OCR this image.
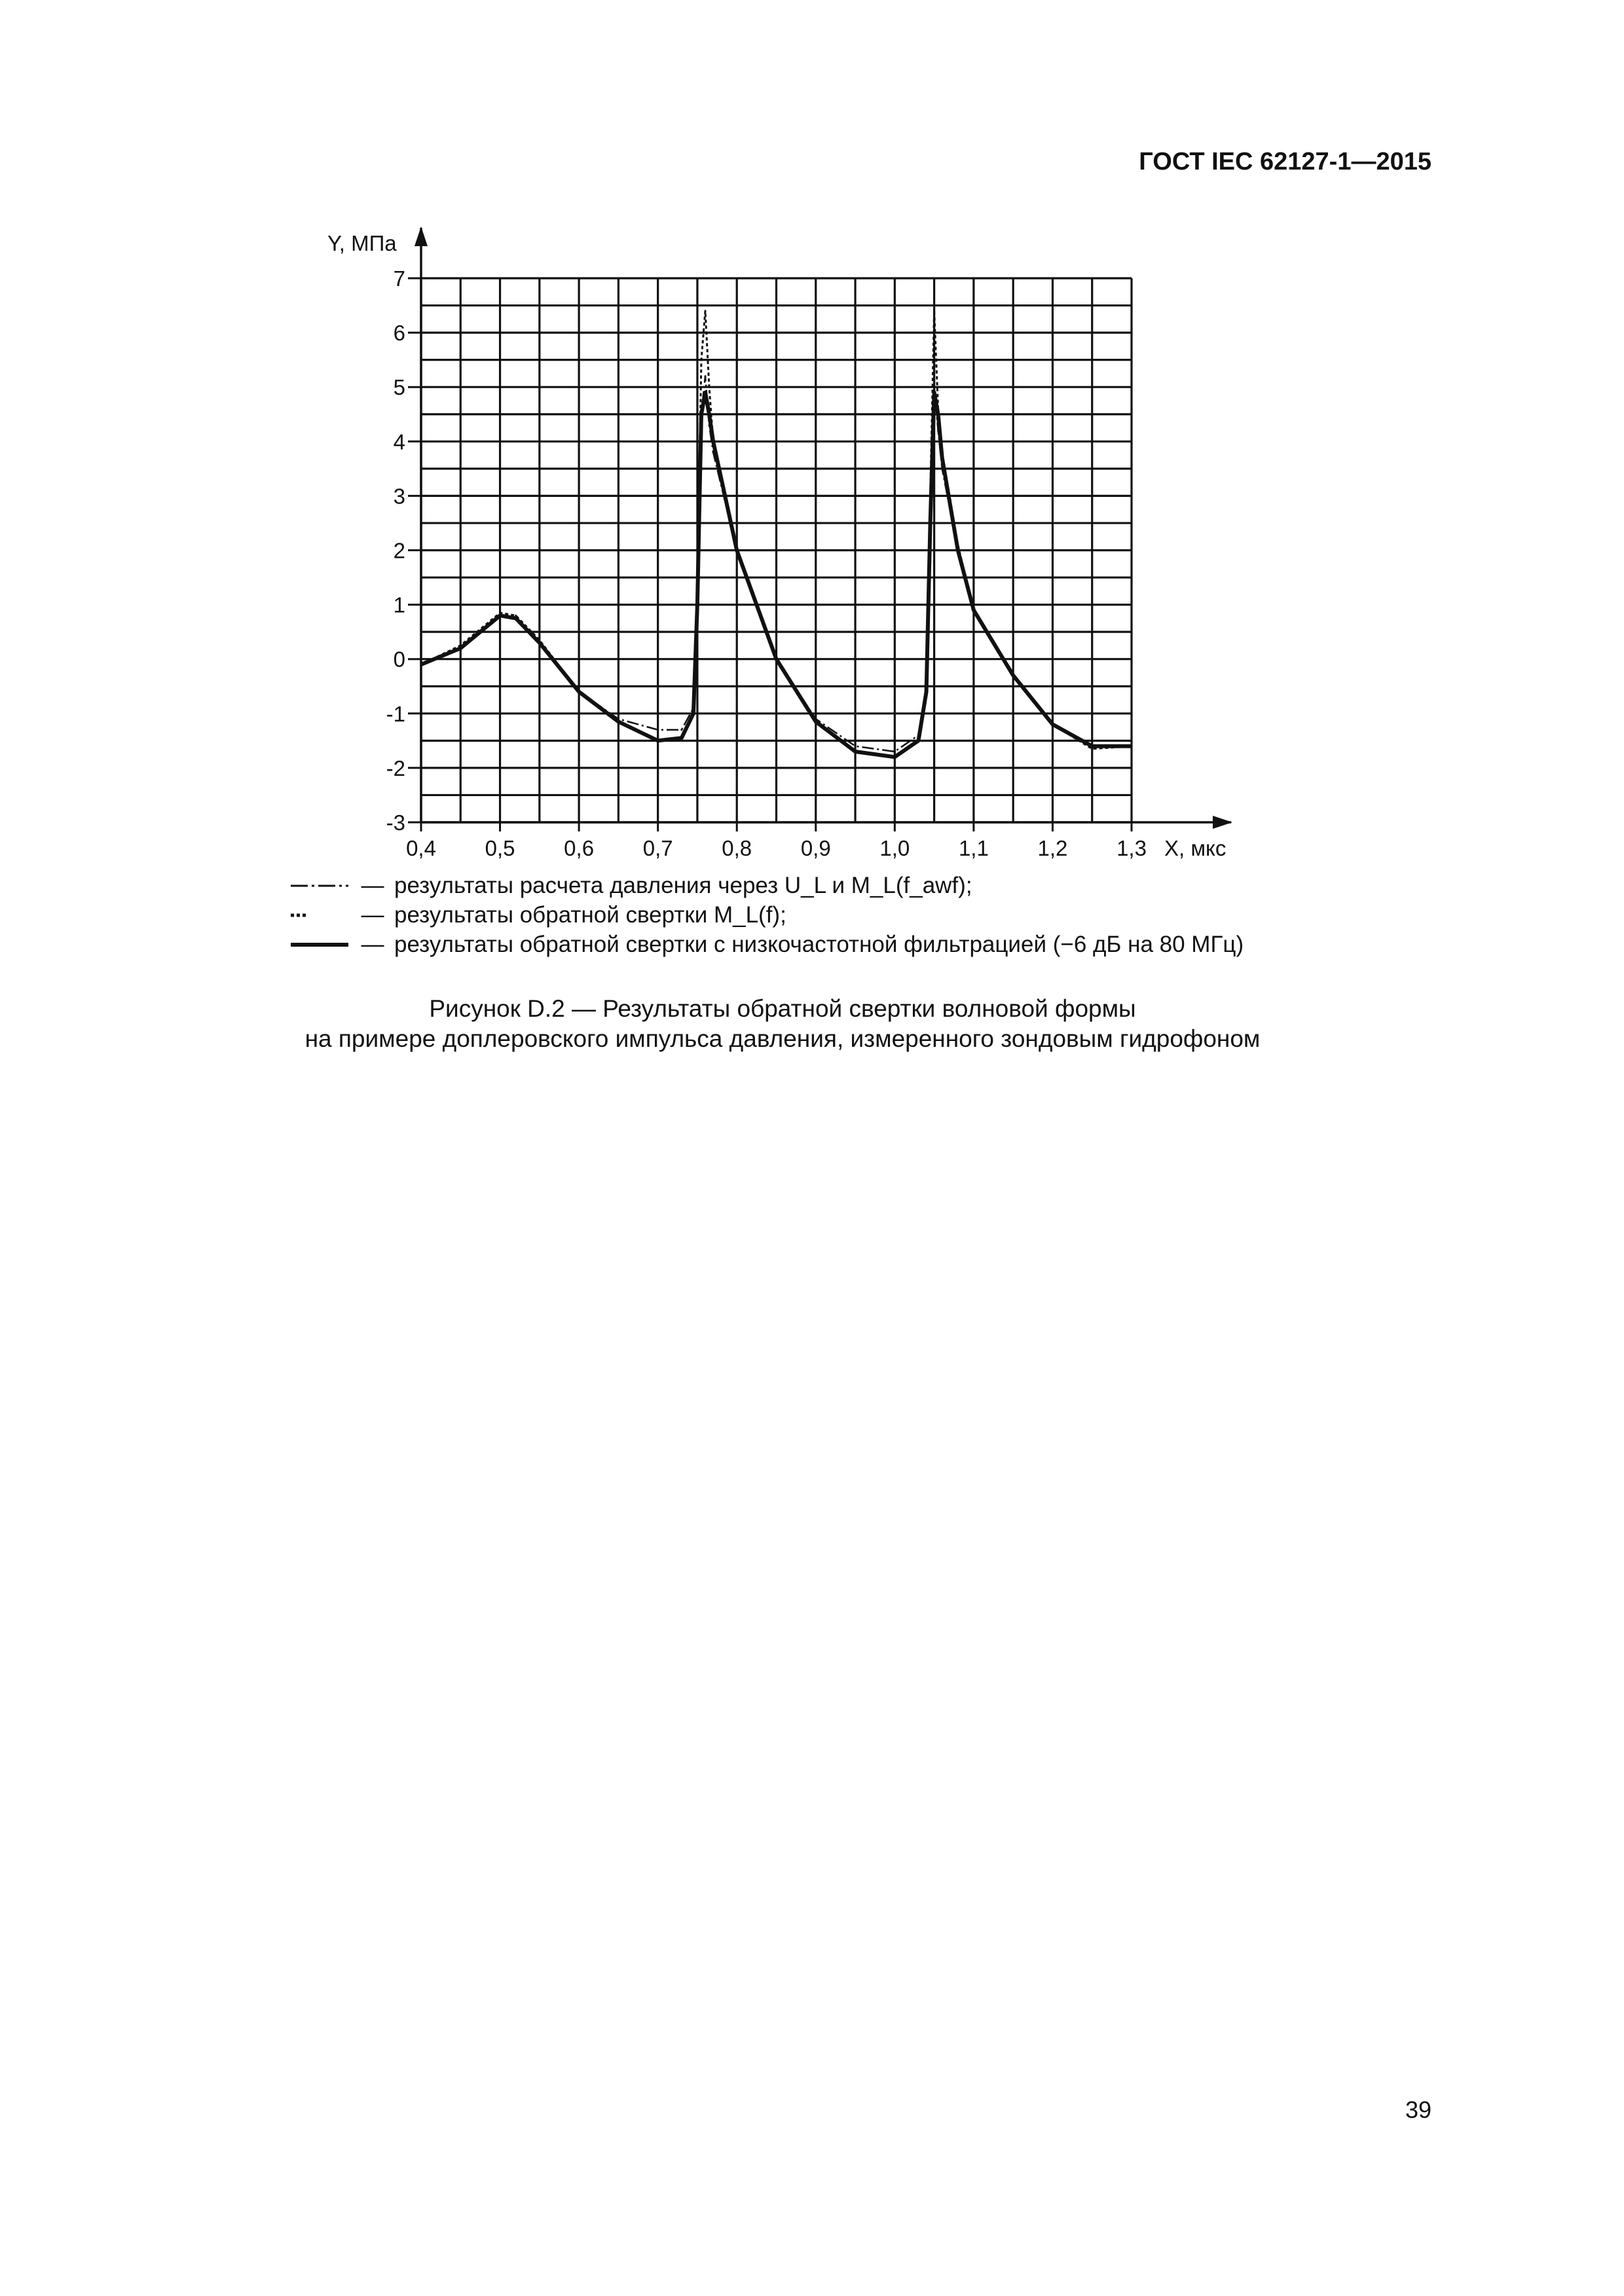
ГОСТ IEC 62127-1—2015
0,4 0,5 0,6 0,7 0,8 0,9 1,0 1,1 1,2 1,3
-3
-2
-1
0
1
2
3
4
5
6
7
Y, МПа
X, мкс
— результаты расчета давления через U_L и M_L(f_awf);
— результаты обратной свертки M_L(f);
— результаты обратной свертки с низкочастотной фильтрацией (−6 дБ на 80 МГц)
Рисунок D.2 — Результаты обратной свертки волновой формы
на примере доплеровского импульса давления, измеренного зондовым гидрофоном
39
